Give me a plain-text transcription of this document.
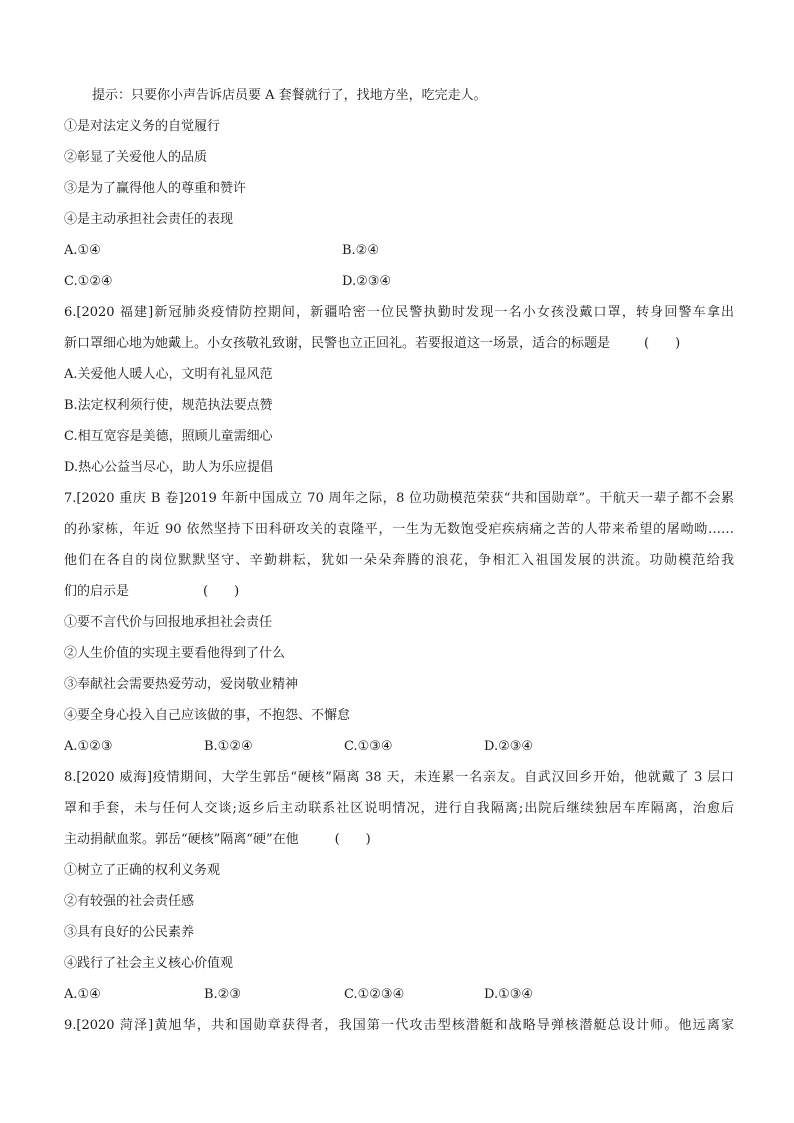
提示：只要你小声告诉店员要 A 套餐就行了，找地方坐，吃完走人。
①是对法定义务的自觉履行
②彰显了关爱他人的品质
③是为了赢得他人的尊重和赞许
④是主动承担社会责任的表现
A.①④	B.②④
C.①②④	D.②③④
6.[2020 福建]新冠肺炎疫情防控期间，新疆哈密一位民警执勤时发现一名小女孩没戴口罩，转身回警车拿出
新口罩细心地为她戴上。小女孩敬礼致谢，民警也立正回礼。若要报道这一场景，适合的标题是	(　　)
A.关爱他人暖人心，文明有礼显风范
B.法定权利须行使，规范执法要点赞
C.相互宽容是美德，照顾儿童需细心
D.热心公益当尽心，助人为乐应提倡
7.[2020 重庆 B 卷]2019 年新中国成立 70 周年之际，8 位功勋模范荣获“共和国勋章”。干航天一辈子都不会累
的孙家栋，年近 90 依然坚持下田科研攻关的袁隆平，一生为无数饱受疟疾病痛之苦的人带来希望的屠呦呦……
他们在各自的岗位默默坚守、辛勤耕耘，犹如一朵朵奔腾的浪花，争相汇入祖国发展的洪流。功勋模范给我
们的启示是	(　　)
①要不言代价与回报地承担社会责任
②人生价值的实现主要看他得到了什么
③奉献社会需要热爱劳动，爱岗敬业精神
④要全身心投入自己应该做的事，不抱怨、不懈怠
A.①②③	B.①②④	C.①③④	D.②③④
8.[2020 威海]疫情期间，大学生郭岳“硬核”隔离 38 天，未连累一名亲友。自武汉回乡开始，他就戴了 3 层口
罩和手套，未与任何人交谈;返乡后主动联系社区说明情况，进行自我隔离;出院后继续独居车库隔离，治愈后
主动捐献血浆。郭岳“硬核”隔离“硬”在他	(　　)
①树立了正确的权利义务观
②有较强的社会责任感
③具有良好的公民素养
④践行了社会主义核心价值观
A.①④	B.②③	C.①②③④	D.①③④
9.[2020 菏泽]黄旭华，共和国勋章获得者，我国第一代攻击型核潜艇和战略导弹核潜艇总设计师。他远离家
